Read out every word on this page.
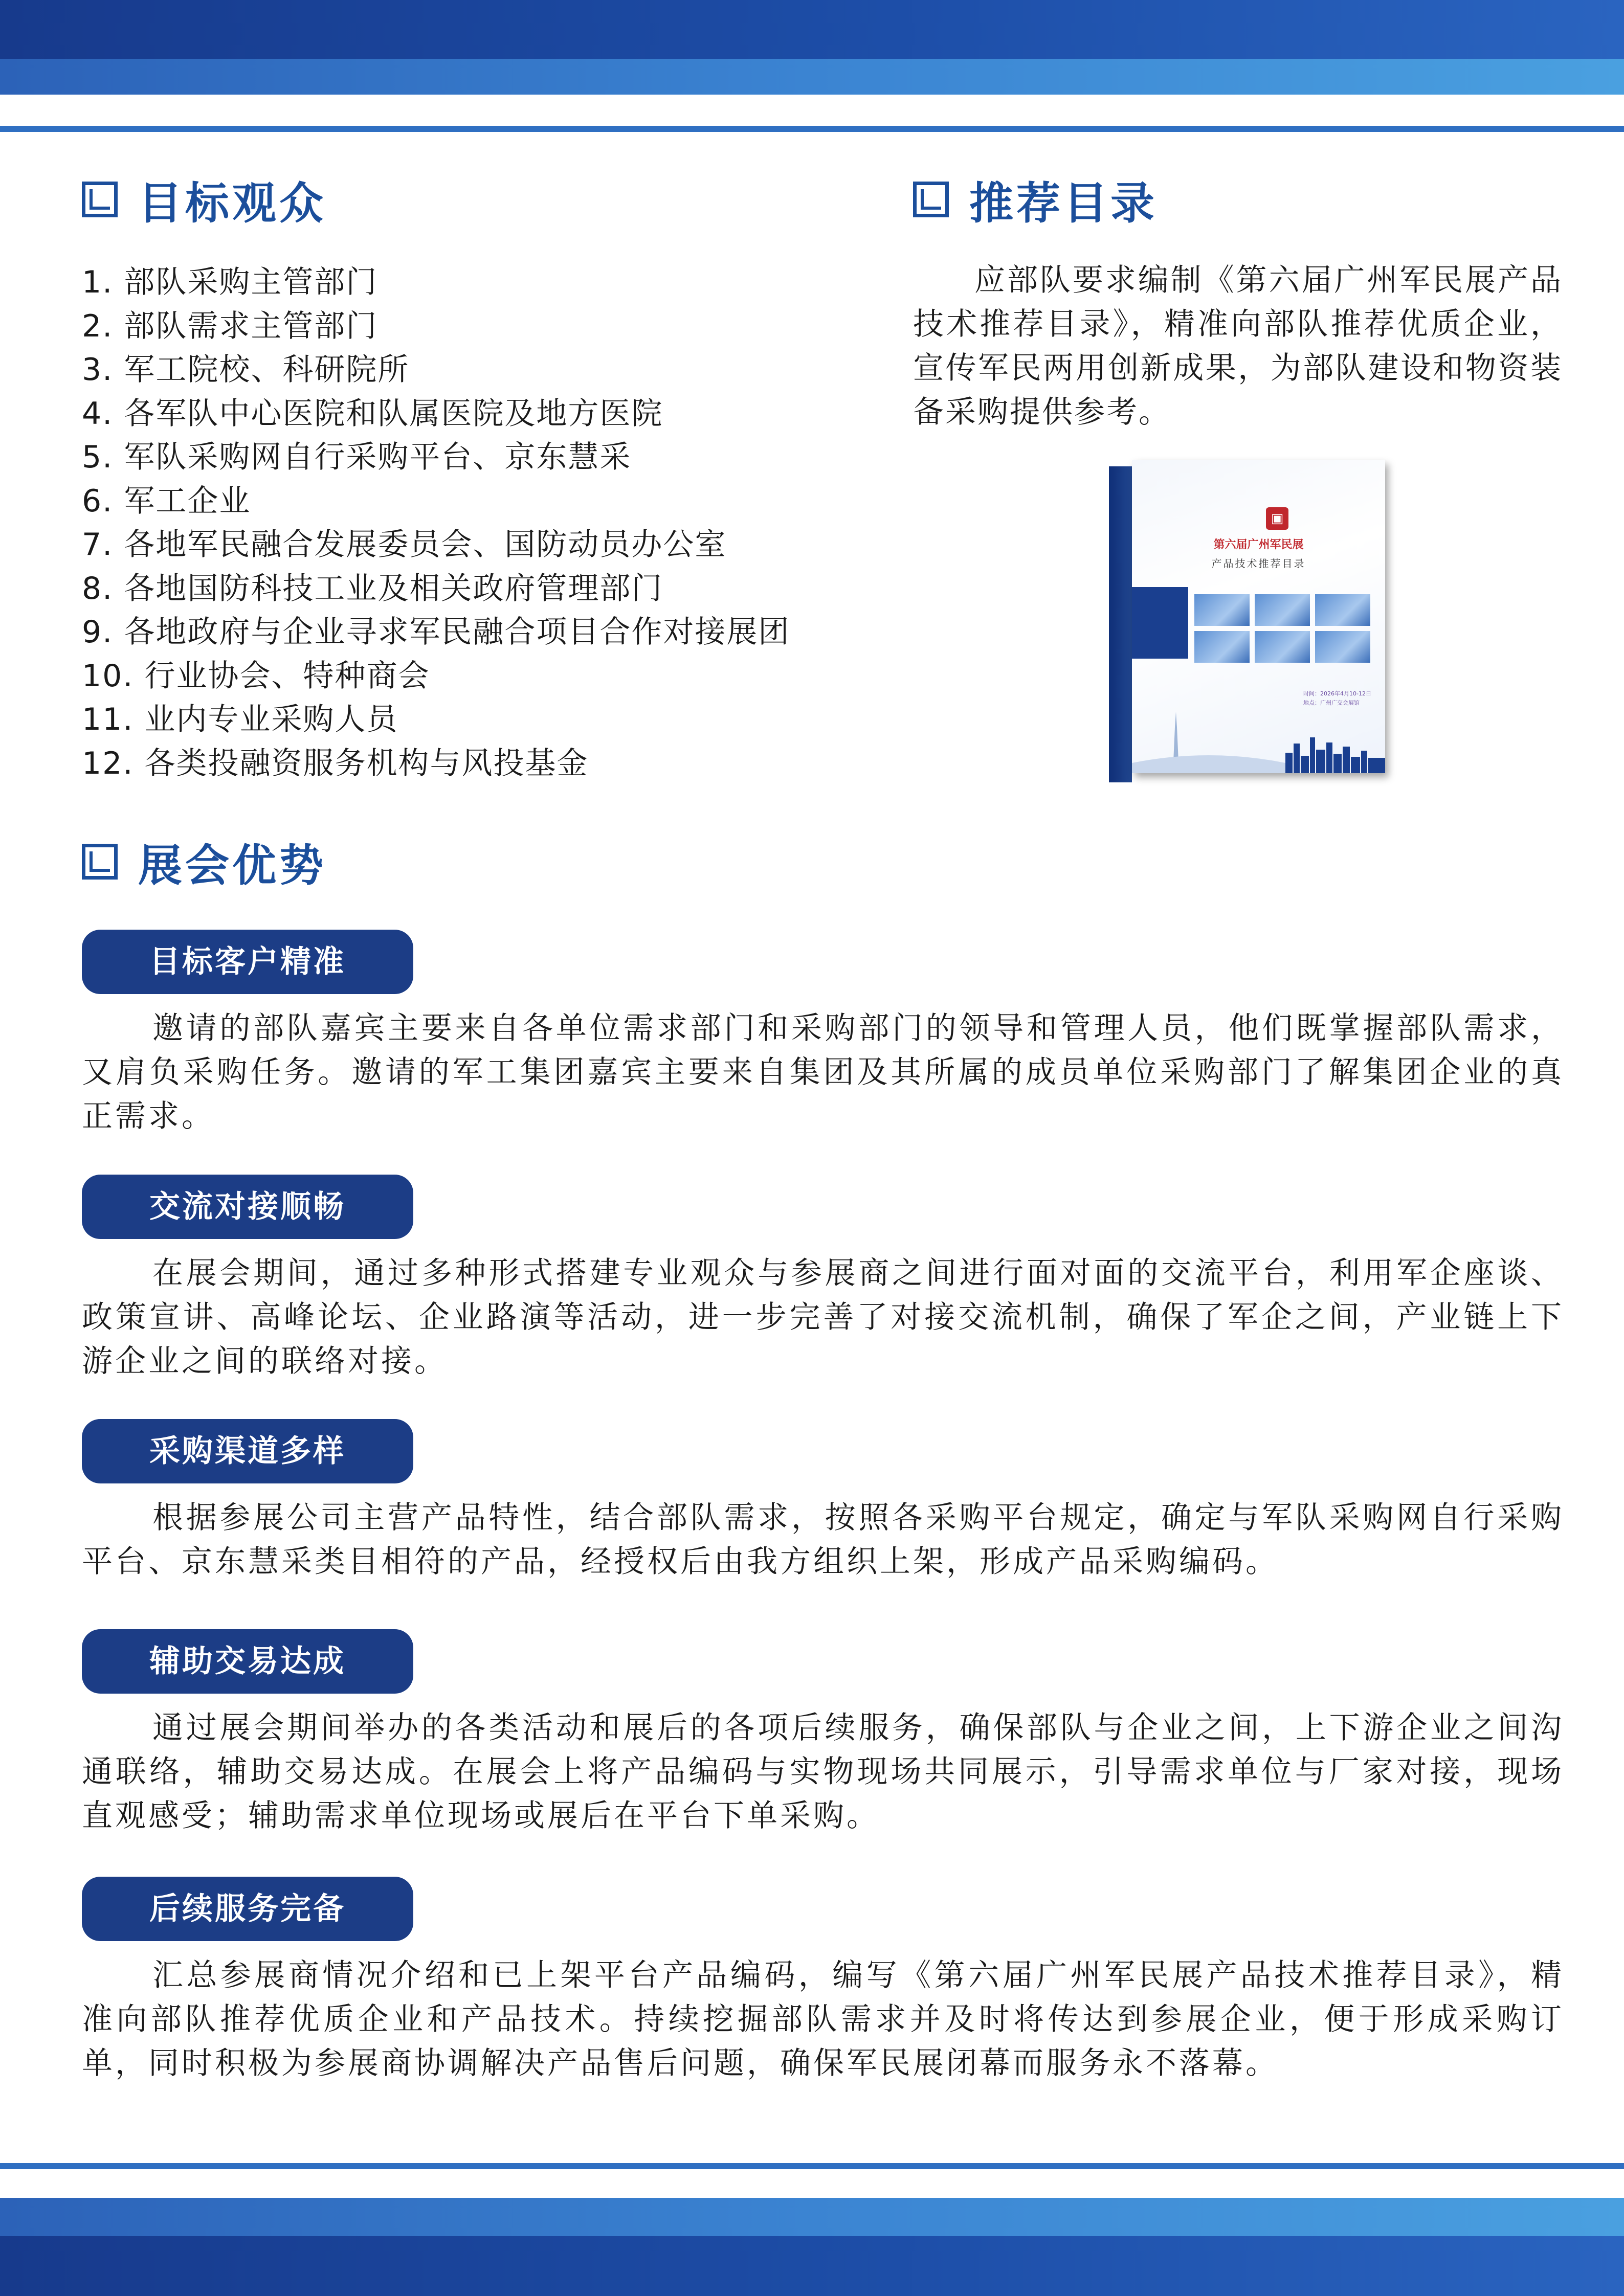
目标观众
1. 部队采购主管部门
2. 部队需求主管部门
3. 军工院校、科研院所
4. 各军队中心医院和队属医院及地方医院
5. 军队采购网自行采购平台、京东慧采
6. 军工企业
7. 各地军民融合发展委员会、国防动员办公室
8. 各地国防科技工业及相关政府管理部门
9. 各地政府与企业寻求军民融合项目合作对接展团
10. 行业协会、特种商会
11. 业内专业采购人员
12. 各类投融资服务机构与风投基金
推荐目录

应部队要求编制《第六届广州军民展产品技术推荐目录》，精准向部队推荐优质企业，宣传军民两用创新成果，为部队建设和物资装备采购提供参考。

▣
第六届广州军民展
产品技术推荐目录
时间：2026年4月10-12日
地点：广州广交会展馆
展会优势
目标客户精准

邀请的部队嘉宾主要来自各单位需求部门和采购部门的领导和管理人员，他们既掌握部队需求，又肩负采购任务。邀请的军工集团嘉宾主要来自集团及其所属的成员单位采购部门了解集团企业的真正需求。

交流对接顺畅

在展会期间，通过多种形式搭建专业观众与参展商之间进行面对面的交流平台，利用军企座谈、政策宣讲、高峰论坛、企业路演等活动，进一步完善了对接交流机制，确保了军企之间，产业链上下游企业之间的联络对接。

采购渠道多样

根据参展公司主营产品特性，结合部队需求，按照各采购平台规定，确定与军队采购网自行采购平台、京东慧采类目相符的产品，经授权后由我方组织上架，形成产品采购编码。

辅助交易达成

通过展会期间举办的各类活动和展后的各项后续服务，确保部队与企业之间，上下游企业之间沟通联络，辅助交易达成。在展会上将产品编码与实物现场共同展示，引导需求单位与厂家对接，现场直观感受；辅助需求单位现场或展后在平台下单采购。

后续服务完备

汇总参展商情况介绍和已上架平台产品编码，编写《第六届广州军民展产品技术推荐目录》，精准向部队推荐优质企业和产品技术。持续挖掘部队需求并及时将传达到参展企业，便于形成采购订单，同时积极为参展商协调解决产品售后问题，确保军民展闭幕而服务永不落幕。
